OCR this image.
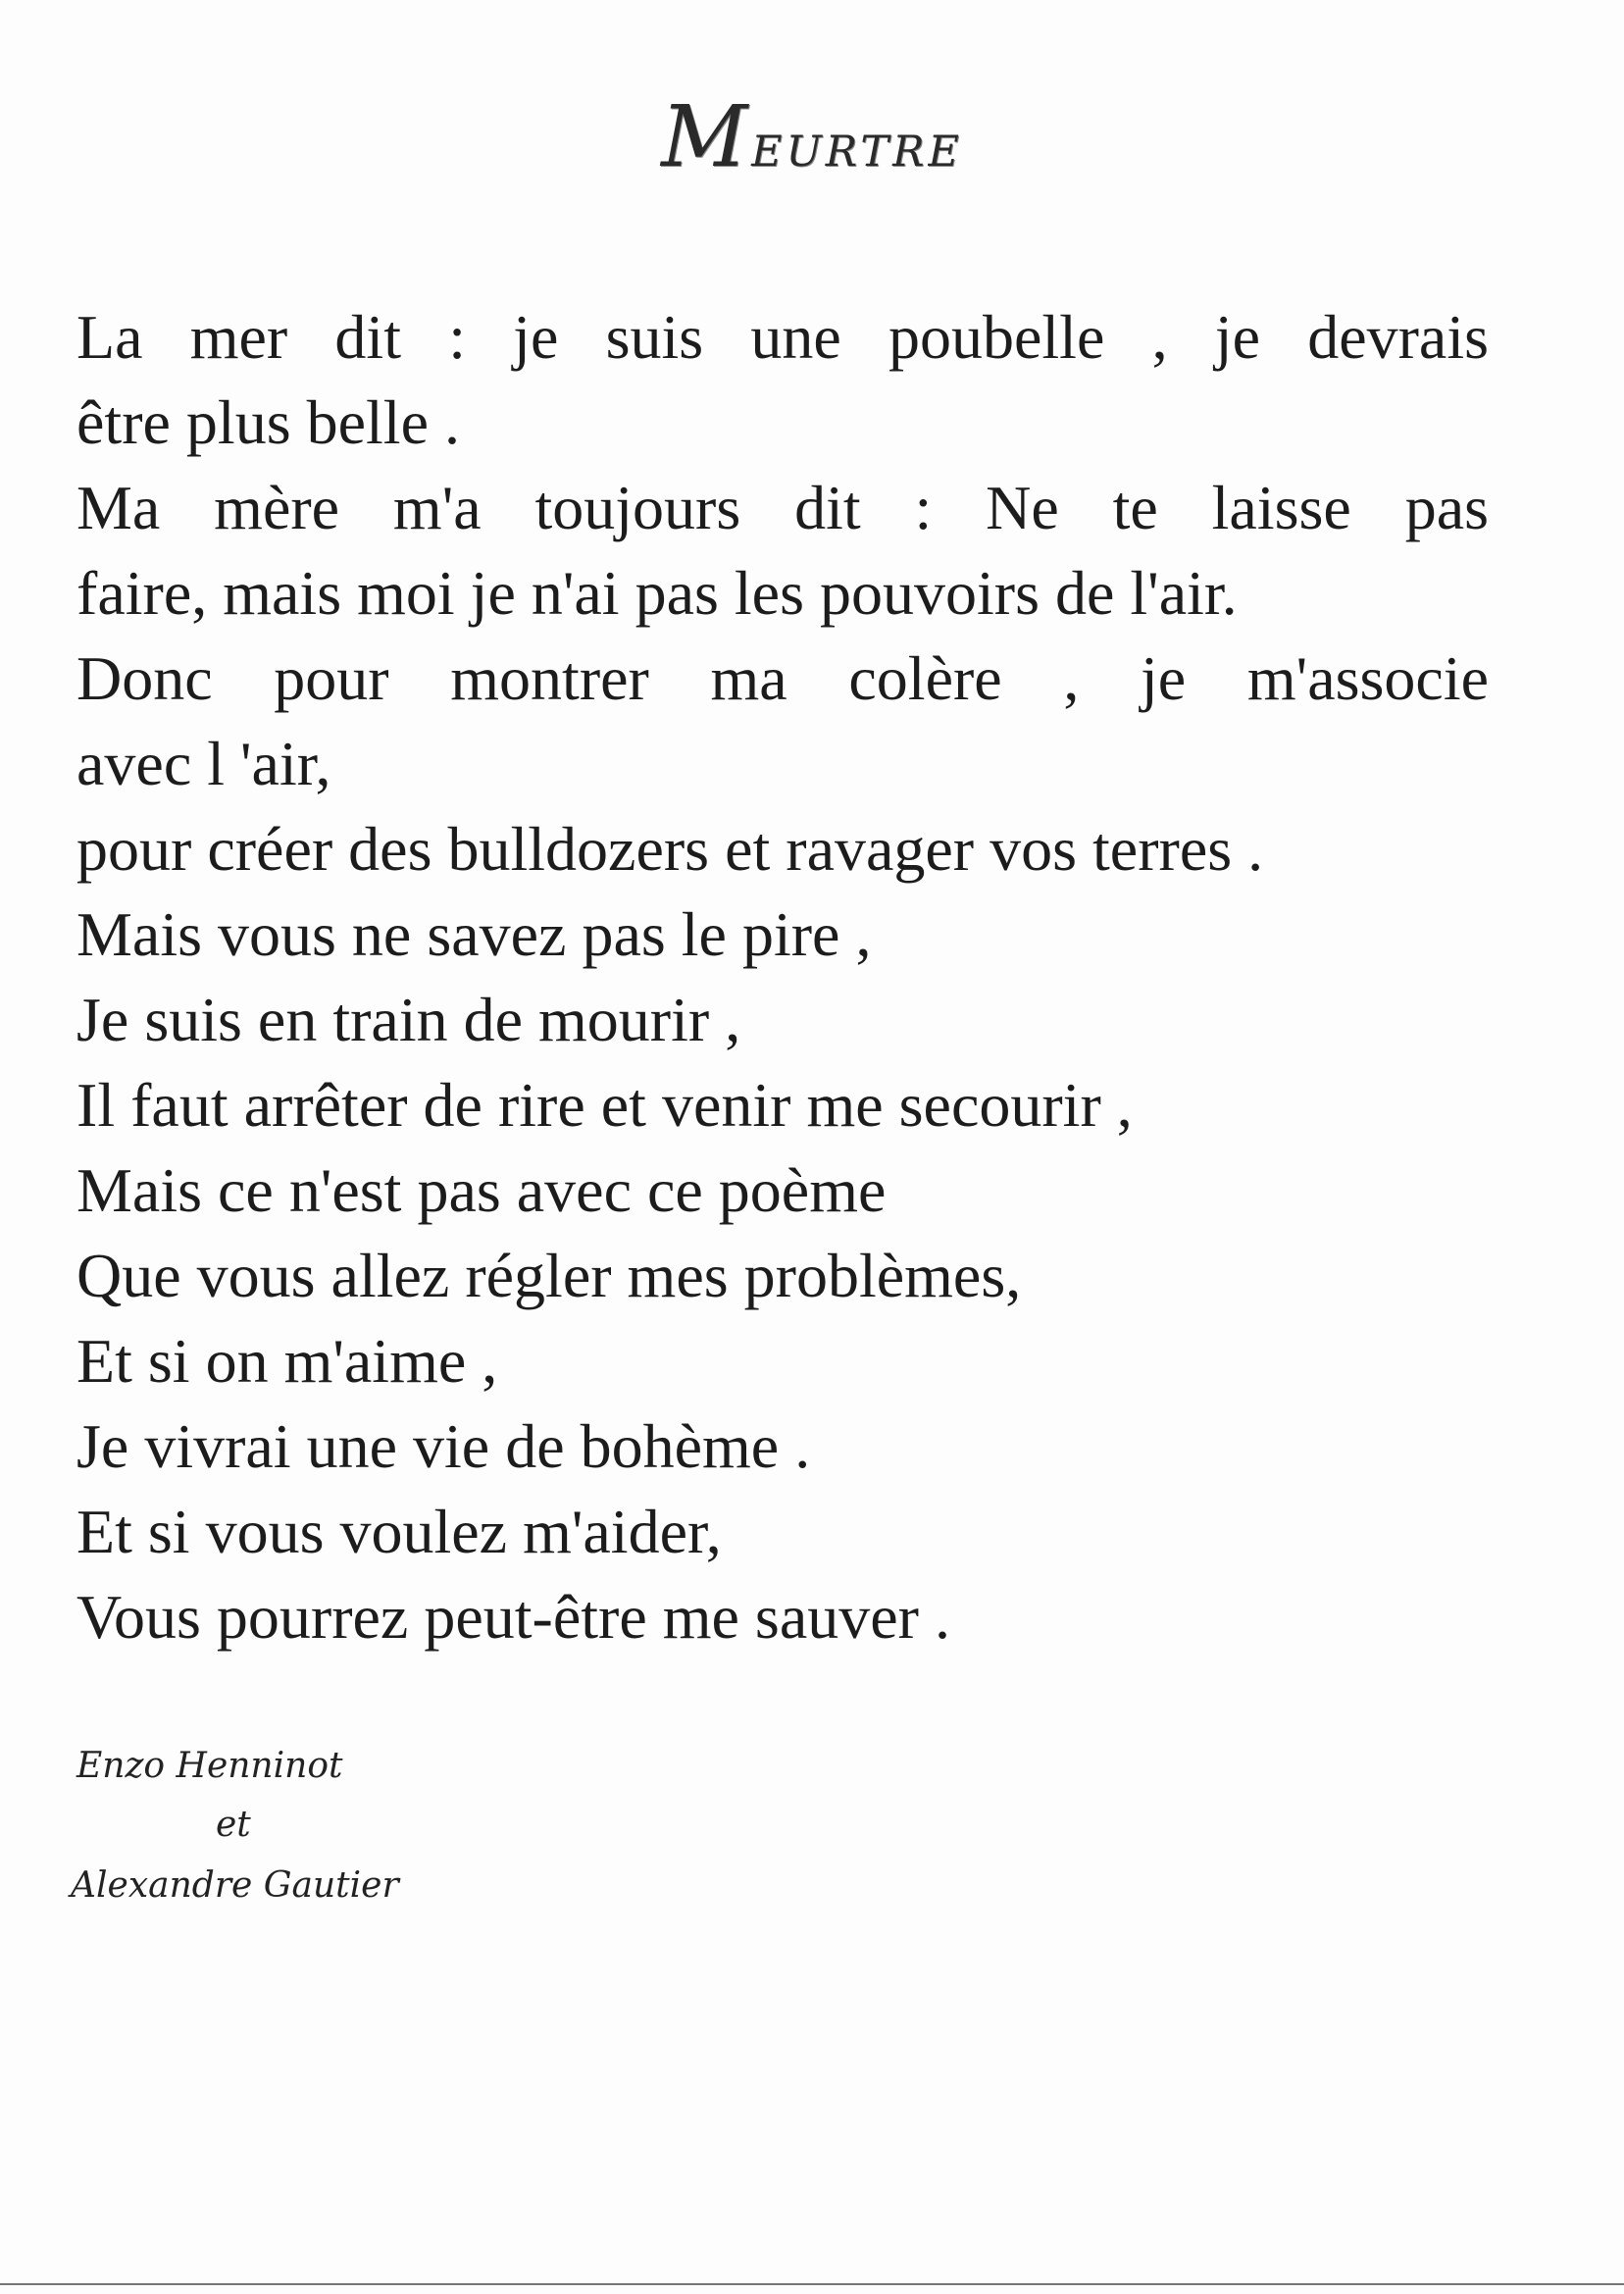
Meurtre
La mer dit : je suis une poubelle , je devrais
être plus belle .
Ma mère m'a toujours dit : Ne te laisse pas
faire, mais moi je n'ai pas les pouvoirs de l'air.
Donc pour montrer ma colère , je m'associe
avec l 'air,
pour créer des bulldozers et ravager vos terres .
Mais vous ne savez pas le pire ,
Je suis en train de mourir ,
Il faut arrêter de rire et venir me secourir ,
Mais ce n'est pas avec ce poème
Que vous allez régler mes problèmes,
Et si on m'aime ,
Je vivrai une vie de bohème .
Et si vous voulez m'aider,
Vous pourrez peut-être me sauver .
Enzo Henninot
et
Alexandre Gautier
